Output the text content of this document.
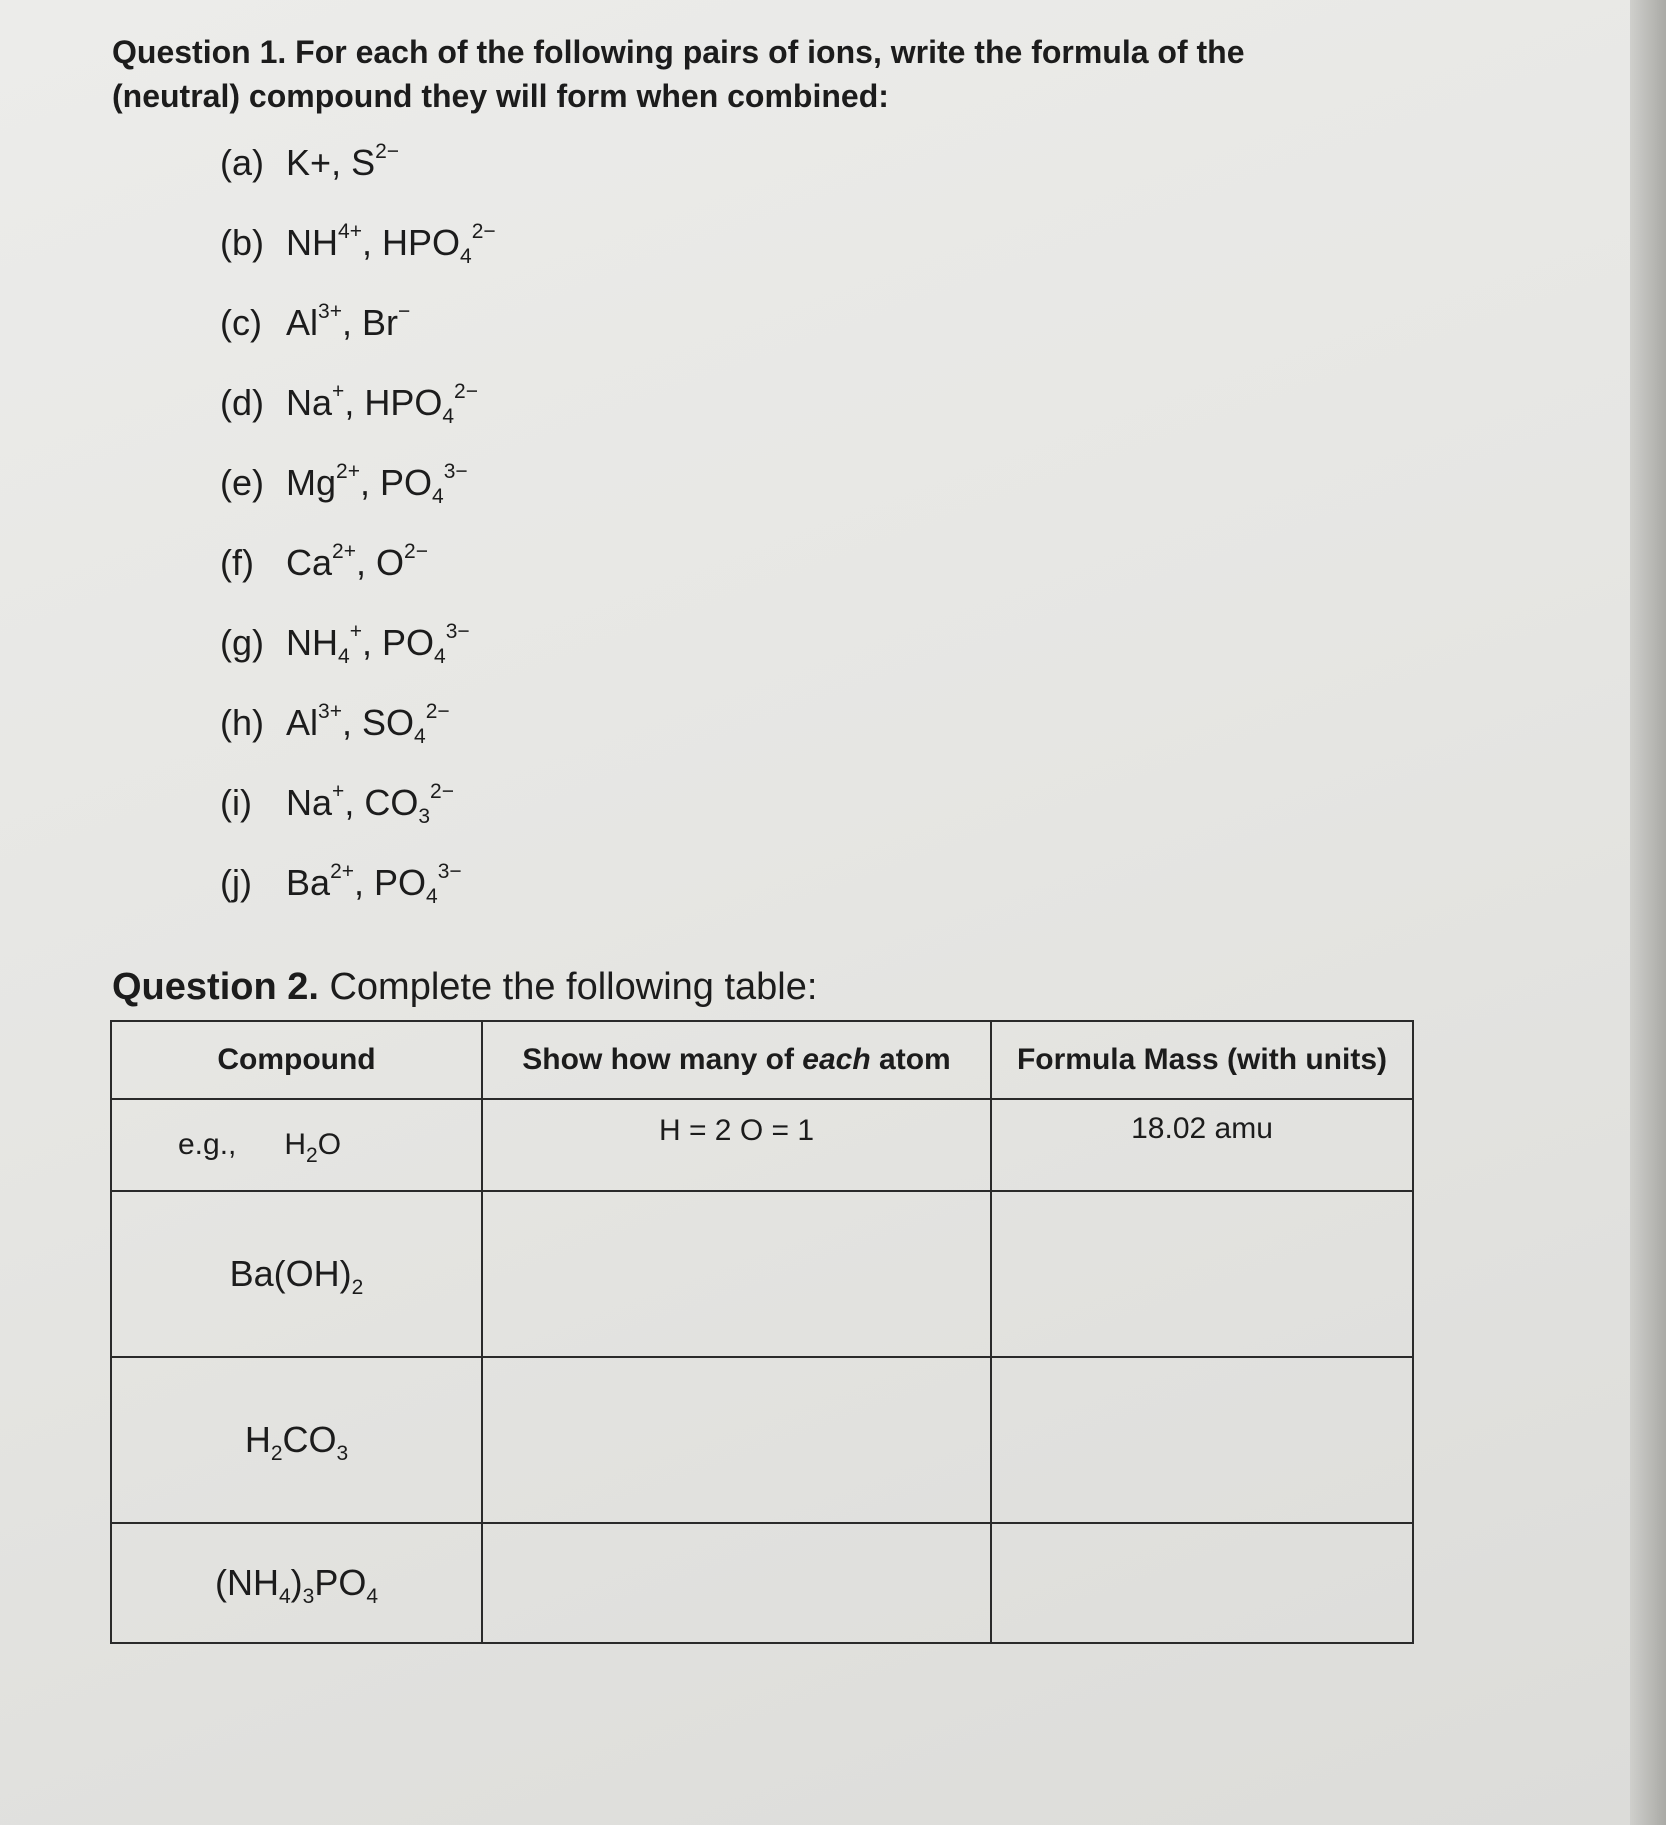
Question 1. For each of the following pairs of ions, write the formula of the
(neutral) compound they will form when combined:
(a) K+, $S^{2-}$
(b) $NH^{4+}$, $HPO_4^{2-}$
(c) $Al^{3+}$, Br−
(d) Na+, $HPO_4^{2-}$
(e) $Mg^{2+}$, $PO_4^{3-}$
(f) $Ca^{2+}$, $O^{2-}$
(g) $NH_4^+$, $PO_4^{3-}$
(h) $Al^{3+}$, $SO_4^{2-}$
(i) Na+, $CO_3^{2-}$
(j) $Ba^{2+}$, $PO_4^{3-}$
Question 2. Complete the following table:
Compound	Show how many of each atom	Formula Mass (with units)
e.g., $H_2O$	H = 2 O = 1	18.02 amu
$Ba(OH)_2$		
$H_2CO_3$		
$(NH_4)_3PO_4$		
